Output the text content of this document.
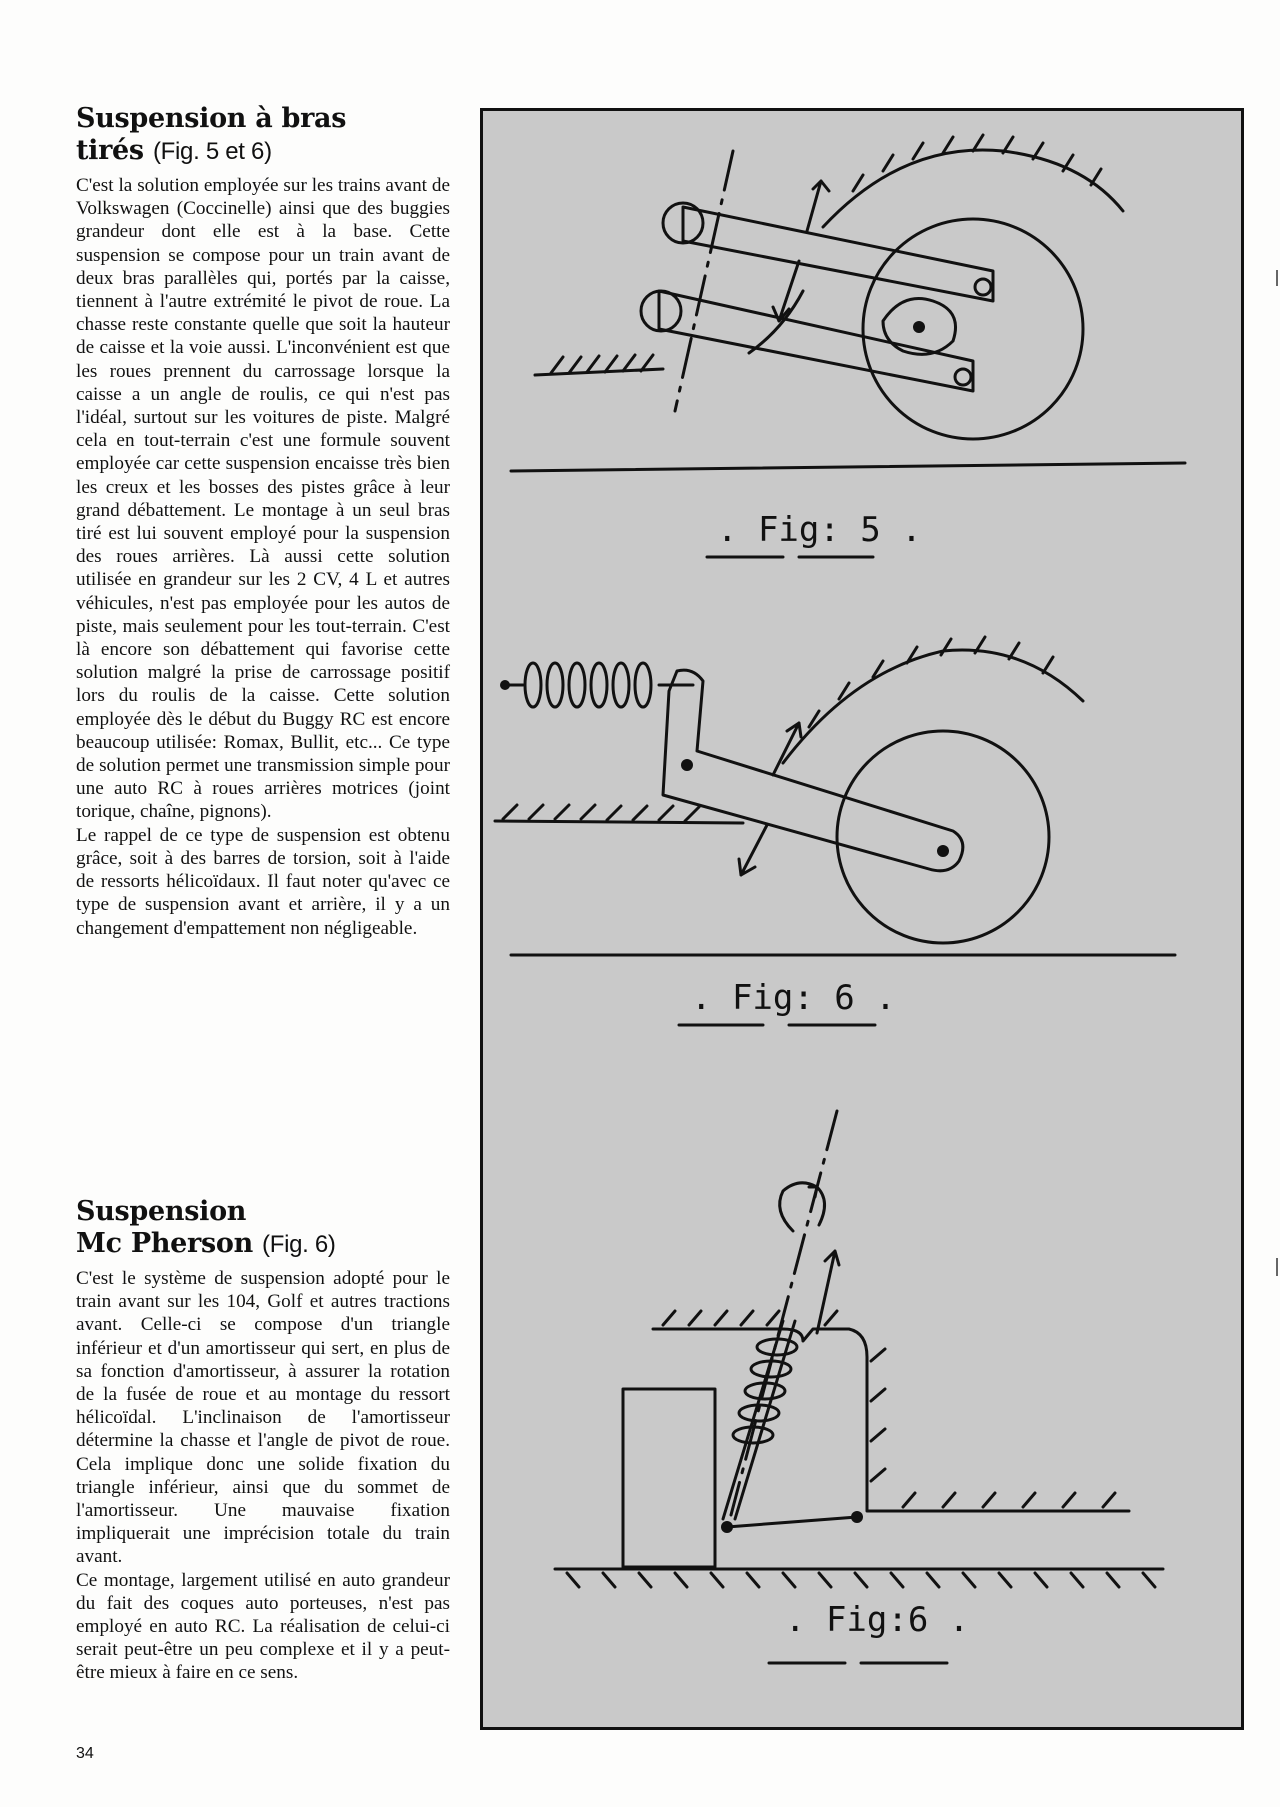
Suspension à bras
tirés (Fig. 5 et 6)

C'est la solution employée sur les trains avant de Volkswagen (Coccinelle) ainsi que des buggies grandeur dont elle est à la base. Cette suspension se compose pour un train avant de deux bras parallèles qui, portés par la caisse, tiennent à l'autre extrémité le pivot de roue. La chasse reste constante quelle que soit la hauteur de caisse et la voie aussi. L'inconvénient est que les roues prennent du carrossage lorsque la caisse a un angle de roulis, ce qui n'est pas l'idéal, surtout sur les voitures de piste. Malgré cela en tout-terrain c'est une formule souvent employée car cette suspension encaisse très bien les creux et les bosses des pistes grâce à leur grand débattement. Le montage à un seul bras tiré est lui souvent employé pour la suspension des roues arrières. Là aussi cette solution utilisée en grandeur sur les 2 CV, 4 L et autres véhicules, n'est pas employée pour les autos de piste, mais seulement pour les tout-terrain. C'est là encore son débattement qui favorise cette solution malgré la prise de carrossage positif lors du roulis de la caisse. Cette solution employée dès le début du Buggy RC est encore beaucoup utilisée: Romax, Bullit, etc... Ce type de solution permet une transmission simple pour une auto RC à roues arrières motrices (joint torique, chaîne, pignons).

Le rappel de ce type de suspension est obtenu grâce, soit à des barres de torsion, soit à l'aide de ressorts hélicoïdaux. Il faut noter qu'avec ce type de suspension avant et arrière, il y a un changement d'empattement non négligeable.

Suspension
Mc Pherson (Fig. 6)

C'est le système de suspension adopté pour le train avant sur les 104, Golf et autres tractions avant. Celle-ci se compose d'un triangle inférieur et d'un amortisseur qui sert, en plus de sa fonction d'amortisseur, à assurer la rotation de la fusée de roue et au montage du ressort hélicoïdal. L'inclinaison de l'amortisseur détermine la chasse et l'angle de pivot de roue. Cela implique donc une solide fixation du triangle inférieur, ainsi que du sommet de l'amortisseur. Une mauvaise fixation impliquerait une imprécision totale du train avant.

Ce montage, largement utilisé en auto grandeur du fait des coques auto porteuses, n'est pas employé en auto RC. La réalisation de celui-ci serait peut-être un peu complexe et il y a peut-être mieux à faire en ce sens.

34
. Fig: 5 .
. Fig: 6 .
. Fig:6 .
